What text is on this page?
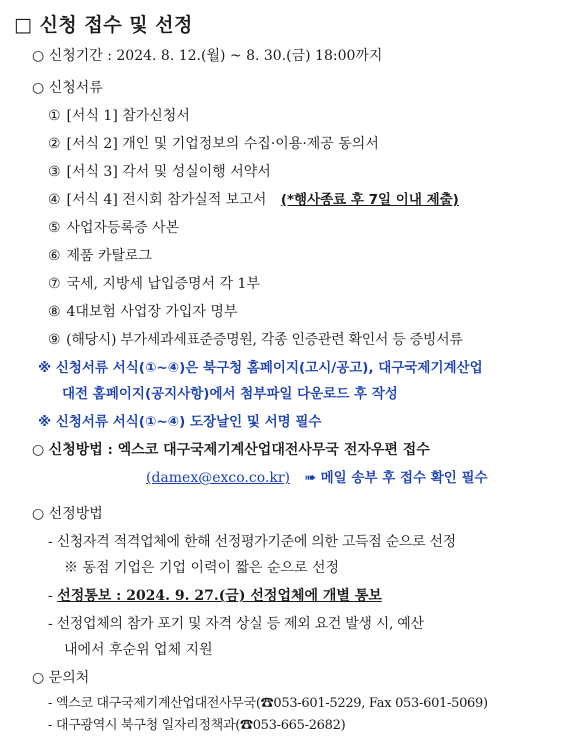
□ 신청 접수 및 선정
○ 신청기간 : 2024. 8. 12.(월) ~ 8. 30.(금) 18:00까지
○ 신청서류
① [서식 1] 참가신청서
② [서식 2] 개인 및 기업정보의 수집·이용·제공 동의서
③ [서식 3] 각서 및 성실이행 서약서
④ [서식 4] 전시회 참가실적 보고서 (*행사종료 후 7일 이내 제출)
⑤ 사업자등록증 사본
⑥ 제품 카탈로그
⑦ 국세, 지방세 납입증명서 각 1부
⑧ 4대보험 사업장 가입자 명부
⑨ (해당시) 부가세과세표준증명원, 각종 인증관련 확인서 등 증빙서류
※ 신청서류 서식(①~④)은 북구청 홈페이지(고시/공고), 대구국제기계산업
대전 홈페이지(공지사항)에서 첨부파일 다운로드 후 작성
※ 신청서류 서식(①~④) 도장날인 및 서명 필수
○ 신청방법 : 엑스코 대구국제기계산업대전사무국 전자우편 접수
(damex@exco.co.kr) ➠ 메일 송부 후 접수 확인 필수
○ 선정방법
- 신청자격 적격업체에 한해 선정평가기준에 의한 고득점 순으로 선정
※ 동점 기업은 기업 이력이 짧은 순으로 선정
- 선정통보 : 2024. 9. 27.(금) 선정업체에 개별 통보
- 선정업체의 참가 포기 및 자격 상실 등 제외 요건 발생 시, 예산
내에서 후순위 업체 지원
○ 문의처
- 엑스코 대구국제기계산업대전사무국(☎053-601-5229, Fax 053-601-5069)
- 대구광역시 북구청 일자리정책과(☎053-665-2682)
